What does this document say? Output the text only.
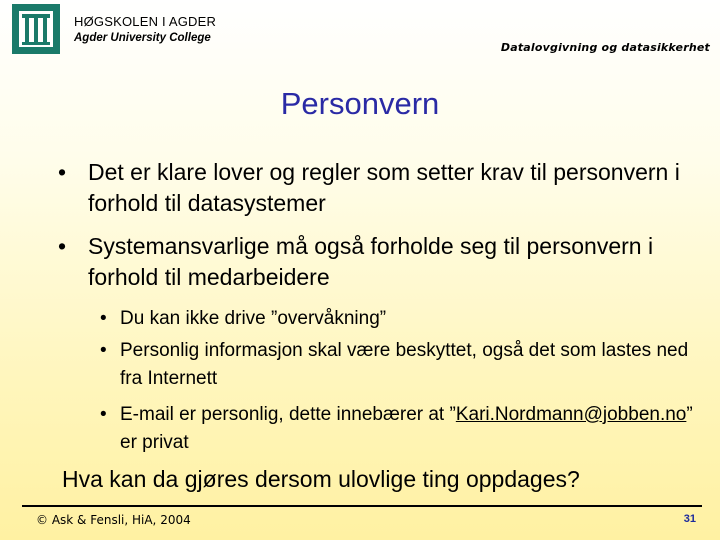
HØGSKOLEN I AGDER
Agder University College
Datalovgivning og datasikkerhet
Personvern
• Det er klare lover og regler som setter krav til personvern i forhold til datasystemer
• Systemansvarlige må også forholde seg til personvern i forhold til medarbeidere
• Du kan ikke drive ”overvåkning”
• Personlig informasjon skal være beskyttet, også det som lastes ned fra Internett
• E-mail er personlig, dette innebærer at ”Kari.Nordmann@jobben.no” er privat
Hva kan da gjøres dersom ulovlige ting oppdages?
© Ask & Fensli, HiA, 2004	31
